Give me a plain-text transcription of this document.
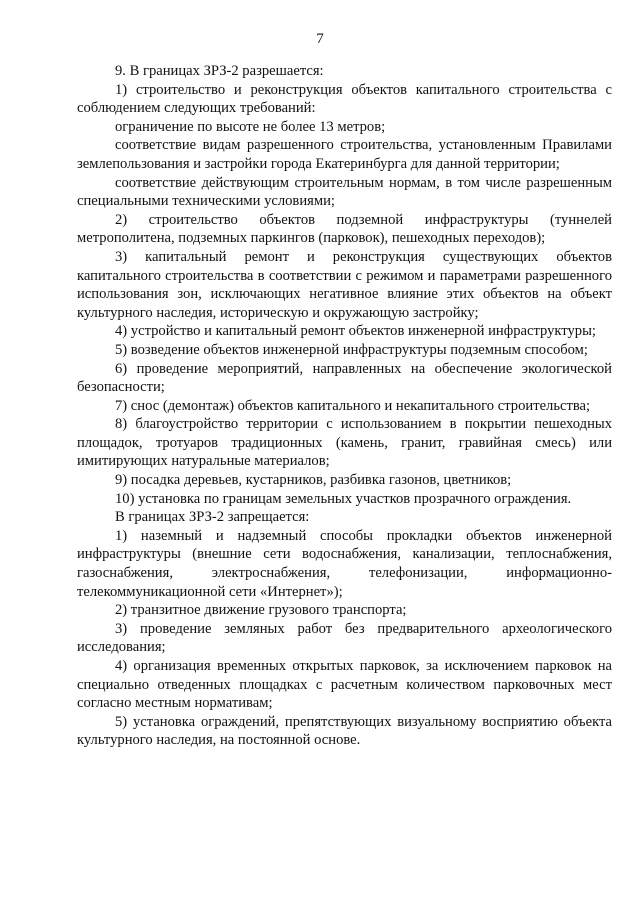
7

9. В границах ЗРЗ-2 разрешается:

1) строительство и реконструкция объектов капитального строительства с соблюдением следующих требований:

ограничение по высоте не более 13 метров;

соответствие видам разрешенного строительства, установленным Правилами землепользования и застройки города Екатеринбурга для данной территории;

соответствие действующим строительным нормам, в том числе разрешенным специальными техническими условиями;

2) строительство объектов подземной инфраструктуры (туннелей метрополитена, подземных паркингов (парковок), пешеходных переходов);

3) капитальный ремонт и реконструкция существующих объектов капитального строительства в соответствии с режимом и параметрами разрешенного использования зон, исключающих негативное влияние этих объектов на объект культурного наследия, историческую и окружающую застройку;

4) устройство и капитальный ремонт объектов инженерной инфраструктуры;

5) возведение объектов инженерной инфраструктуры подземным способом;

6) проведение мероприятий, направленных на обеспечение экологической безопасности;

7) снос (демонтаж) объектов капитального и некапитального строительства;

8) благоустройство территории с использованием в покрытии пешеходных площадок, тротуаров традиционных (камень, гранит, гравийная смесь) или имитирующих натуральные материалов;

9) посадка деревьев, кустарников, разбивка газонов, цветников;

10) установка по границам земельных участков прозрачного ограждения.

В границах ЗРЗ-2 запрещается:

1) наземный и надземный способы прокладки объектов инженерной инфраструктуры (внешние сети водоснабжения, канализации, теплоснабжения, газоснабжения, электроснабжения, телефонизации, информационно-телекоммуникационной сети «Интернет»);

2) транзитное движение грузового транспорта;

3) проведение земляных работ без предварительного археологического исследования;

4) организация временных открытых парковок, за исключением парковок на специально отведенных площадках с расчетным количеством парковочных мест согласно местным нормативам;

5) установка ограждений, препятствующих визуальному восприятию объекта культурного наследия, на постоянной основе.
